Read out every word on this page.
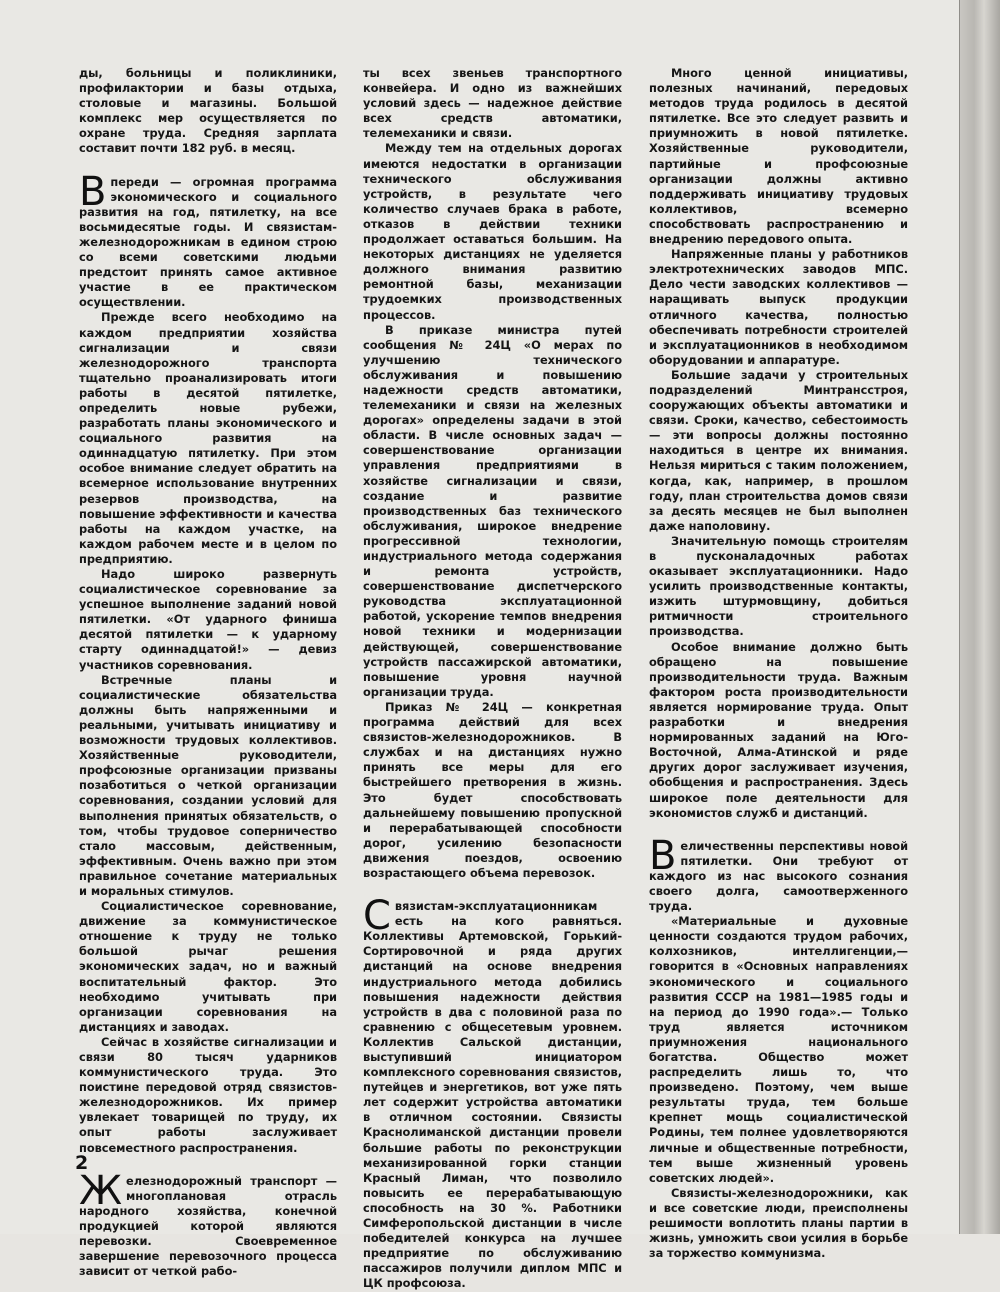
ды, больницы и поликлиники, профилактории и базы отдыха, столовые и магазины. Большой комплекс мер осуществляется по охране труда. Средняя зарплата составит почти 182 руб. в месяц.

Впереди — огромная программа экономического и социального развития на год, пятилетку, на все восьмидесятые годы. И связистам-железнодорожникам в едином строю со всеми советскими людьми предстоит принять самое активное участие в ее практическом осуществлении.

Прежде всего необходимо на каждом предприятии хозяйства сигнализации и связи железнодорожного транспорта тщательно проанализировать итоги работы в десятой пятилетке, определить новые рубежи, разработать планы экономического и социального развития на одиннадцатую пятилетку. При этом особое внимание следует обратить на всемерное использование внутренних резервов производства, на повышение эффективности и качества работы на каждом участке, на каждом рабочем месте и в целом по предприятию.

Надо широко развернуть социалистическое соревнование за успешное выполнение заданий новой пятилетки. «От ударного финиша десятой пятилетки — к ударному старту одиннадцатой!» — девиз участников соревнования.

Встречные планы и социалистические обязательства должны быть напряженными и реальными, учитывать инициативу и возможности трудовых коллективов. Хозяйственные руководители, профсоюзные организации призваны позаботиться о четкой организации соревнования, создании условий для выполнения принятых обязательств, о том, чтобы трудовое соперничество стало массовым, действенным, эффективным. Очень важно при этом правильное сочетание материальных и моральных стимулов.

Социалистическое соревнование, движение за коммунистическое отношение к труду не только большой рычаг решения экономических задач, но и важный воспитательный фактор. Это необходимо учитывать при организации соревнования на дистанциях и заводах.

Сейчас в хозяйстве сигнализации и связи 80 тысяч ударников коммунистического труда. Это поистине передовой отряд связистов-железнодорожников. Их пример увлекает товарищей по труду, их опыт работы заслуживает повсеместного распространения.

Железнодорожный транспорт — многоплановая отрасль народного хозяйства, конечной продукцией которой являются перевозки. Своевременное завершение перевозочного процесса зависит от четкой рабо-

ты всех звеньев транспортного конвейера. И одно из важнейших условий здесь — надежное действие всех средств автоматики, телемеханики и связи.

Между тем на отдельных дорогах имеются недостатки в организации технического обслуживания устройств, в результате чего количество случаев брака в работе, отказов в действии техники продолжает оставаться большим. На некоторых дистанциях не уделяется должного внимания развитию ремонтной базы, механизации трудоемких производственных процессов.

В приказе министра путей сообщения № 24Ц «О мерах по улучшению технического обслуживания и повышению надежности средств автоматики, телемеханики и связи на железных дорогах» определены задачи в этой области. В числе основных задач — совершенствование организации управления предприятиями в хозяйстве сигнализации и связи, создание и развитие производственных баз технического обслуживания, широкое внедрение прогрессивной технологии, индустриального метода содержания и ремонта устройств, совершенствование диспетчерского руководства эксплуатационной работой, ускорение темпов внедрения новой техники и модернизации действующей, совершенствование устройств пассажирской автоматики, повышение уровня научной организации труда.

Приказ № 24Ц — конкретная программа действий для всех связистов-железнодорожников. В службах и на дистанциях нужно принять все меры для его быстрейшего претворения в жизнь. Это будет способствовать дальнейшему повышению пропускной и перерабатывающей способности дорог, усилению безопасности движения поездов, освоению возрастающего объема перевозок.

Связистам-эксплуатационникам есть на кого равняться. Коллективы Артемовской, Горький-Сортировочной и ряда других дистанций на основе внедрения индустриального метода добились повышения надежности действия устройств в два с половиной раза по сравнению с общесетевым уровнем. Коллектив Сальской дистанции, выступивший инициатором комплексного соревнования связистов, путейцев и энергетиков, вот уже пять лет содержит устройства автоматики в отличном состоянии. Связисты Краснолиманской дистанции провели большие работы по реконструкции механизированной горки станции Красный Лиман, что позволило повысить ее перерабатывающую способность на 30 %. Работники Симферопольской дистанции в числе победителей конкурса на лучшее предприятие по обслуживанию пассажиров получили диплом МПС и ЦК профсоюза.

Много ценной инициативы, полезных начинаний, передовых методов труда родилось в десятой пятилетке. Все это следует развить и приумножить в новой пятилетке. Хозяйственные руководители, партийные и профсоюзные организации должны активно поддерживать инициативу трудовых коллективов, всемерно способствовать распространению и внедрению передового опыта.

Напряженные планы у работников электротехнических заводов МПС. Дело чести заводских коллективов — наращивать выпуск продукции отличного качества, полностью обеспечивать потребности строителей и эксплуатационников в необходимом оборудовании и аппаратуре.

Большие задачи у строительных подразделений Минтрансстроя, сооружающих объекты автоматики и связи. Сроки, качество, себестоимость — эти вопросы должны постоянно находиться в центре их внимания. Нельзя мириться с таким положением, когда, как, например, в прошлом году, план строительства домов связи за десять месяцев не был выполнен даже наполовину.

Значительную помощь строителям в пусконаладочных работах оказывает эксплуатационники. Надо усилить производственные контакты, изжить штурмовщину, добиться ритмичности строительного производства.

Особое внимание должно быть обращено на повышение производительности труда. Важным фактором роста производительности является нормирование труда. Опыт разработки и внедрения нормированных заданий на Юго-Восточной, Алма-Атинской и ряде других дорог заслуживает изучения, обобщения и распространения. Здесь широкое поле деятельности для экономистов служб и дистанций.

Величественны перспективы новой пятилетки. Они требуют от каждого из нас высокого сознания своего долга, самоотверженного труда.

«Материальные и духовные ценности создаются трудом рабочих, колхозников, интеллигенции,— говорится в «Основных направлениях экономического и социального развития СССР на 1981—1985 годы и на период до 1990 года».— Только труд является источником приумножения национального богатства. Общество может распределить лишь то, что произведено. Поэтому, чем выше результаты труда, тем больше крепнет мощь социалистической Родины, тем полнее удовлетворяются личные и общественные потребности, тем выше жизненный уровень советских людей».

Связисты-железнодорожники, как и все советские люди, преисполнены решимости воплотить планы партии в жизнь, умножить свои усилия в борьбе за торжество коммунизма.

2
